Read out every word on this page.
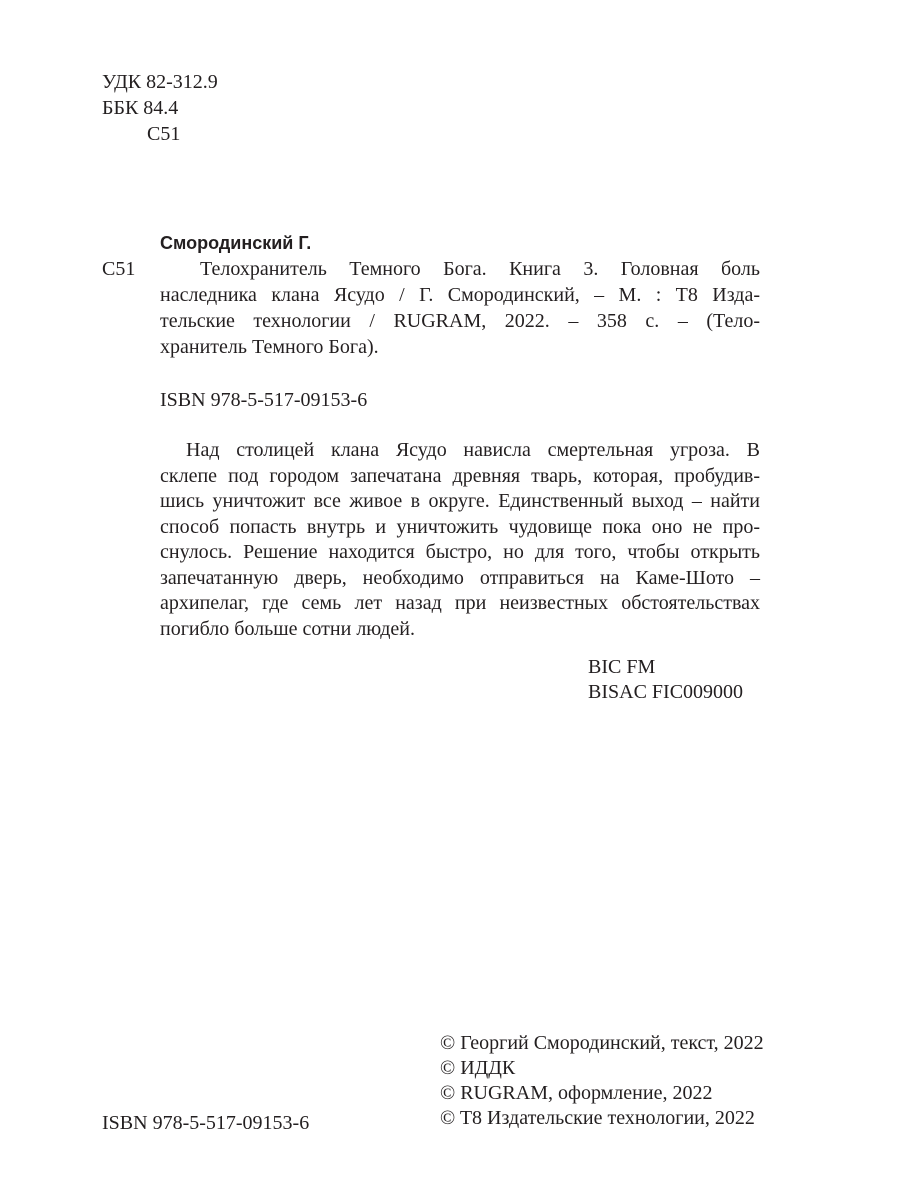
УДК 82-312.9
ББК 84.4
С51
Смородинский Г.
С51	Телохранитель Темного Бога. Книга 3. Головная боль
наследника клана Ясудо / Г. Смородинский, – М. : T8 Изда-
тельские технологии / RUGRAM, 2022. – 358 с. – (Тело-
хранитель Темного Бога).
ISBN 978-5-517-09153-6
Над столицей клана Ясудо нависла смертельная угроза. В
склепе под городом запечатана древняя тварь, которая, пробудив-
шись уничтожит все живое в округе. Единственный выход – найти
способ попасть внутрь и уничтожить чудовище пока оно не про-
снулось. Решение находится быстро, но для того, чтобы открыть
запечатанную дверь, необходимо отправиться на Каме-Шото –
архипелаг, где семь лет назад при неизвестных обстоятельствах
погибло больше сотни людей.
BIC FM
BISAC FIC009000
© Георгий Смородинский, текст, 2022
© ИДДК
© RUGRAM, оформление, 2022
© T8 Издательские технологии, 2022
ISBN 978-5-517-09153-6
